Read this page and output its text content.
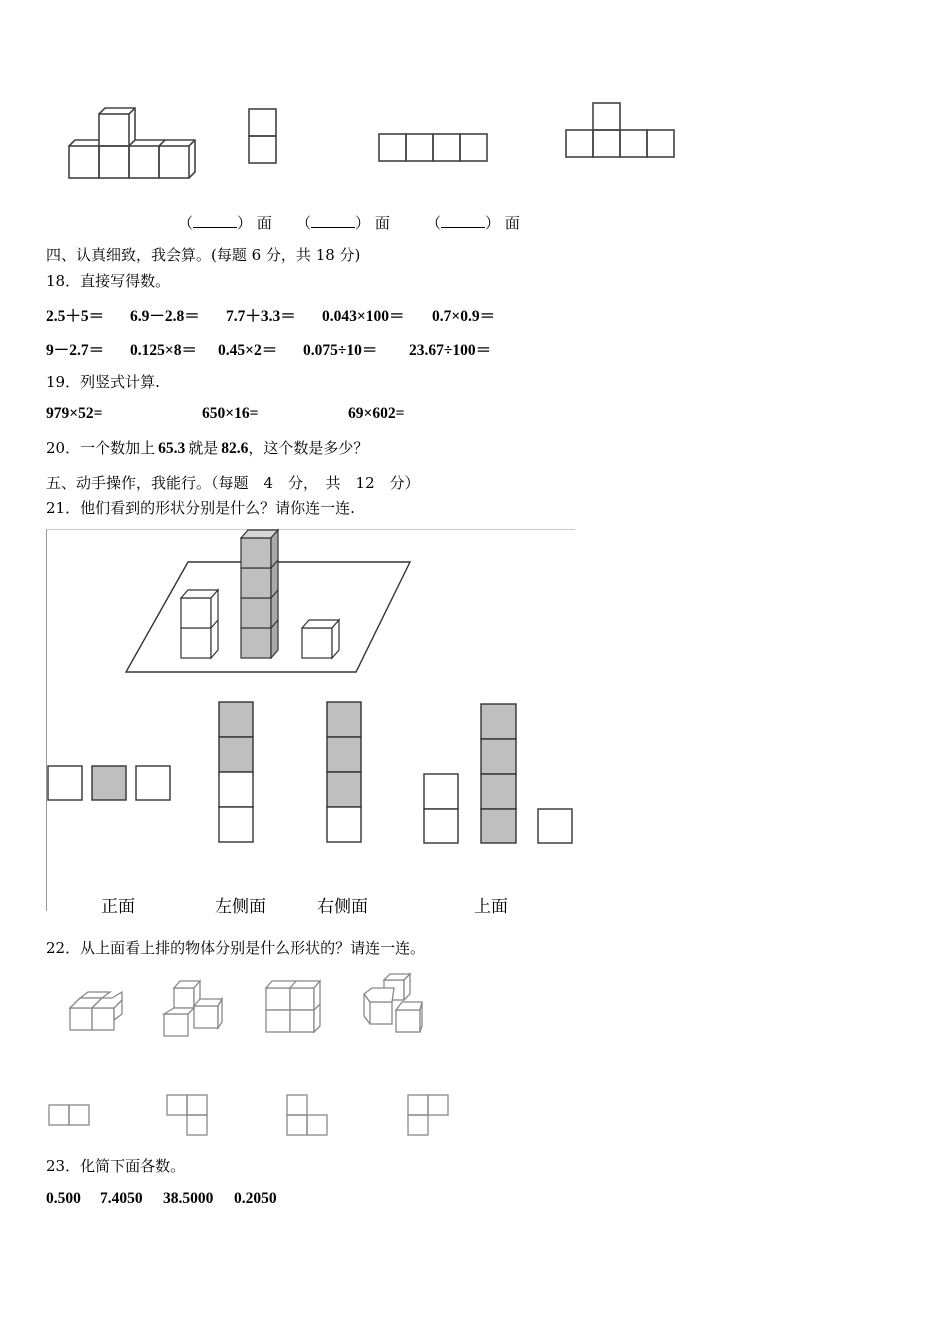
（	） 面 （	） 面 （	） 面
四、认真细致，我会算。(每题 6 分，共 18 分)
18．直接写得数。
2.5＋5＝ 6.9－2.8＝ 7.7＋3.3＝ 0.043×100＝ 0.7×0.9＝
9－2.7＝ 0.125×8＝ 0.45×2＝ 0.075÷10＝ 23.67÷100＝
19．列竖式计算.
979×52=	650×16=	69×602=
20．一个数加上 65.3 就是 82.6，这个数是多少？
五、动手操作，我能行。（每题　4　分，　共　12　分）
21．他们看到的形状分别是什么？请你连一连.
正面	左侧面	右侧面	上面
22．从上面看上排的物体分别是什么形状的？请连一连。
23．化简下面各数。
0.500 7.4050 38.5000 0.2050
